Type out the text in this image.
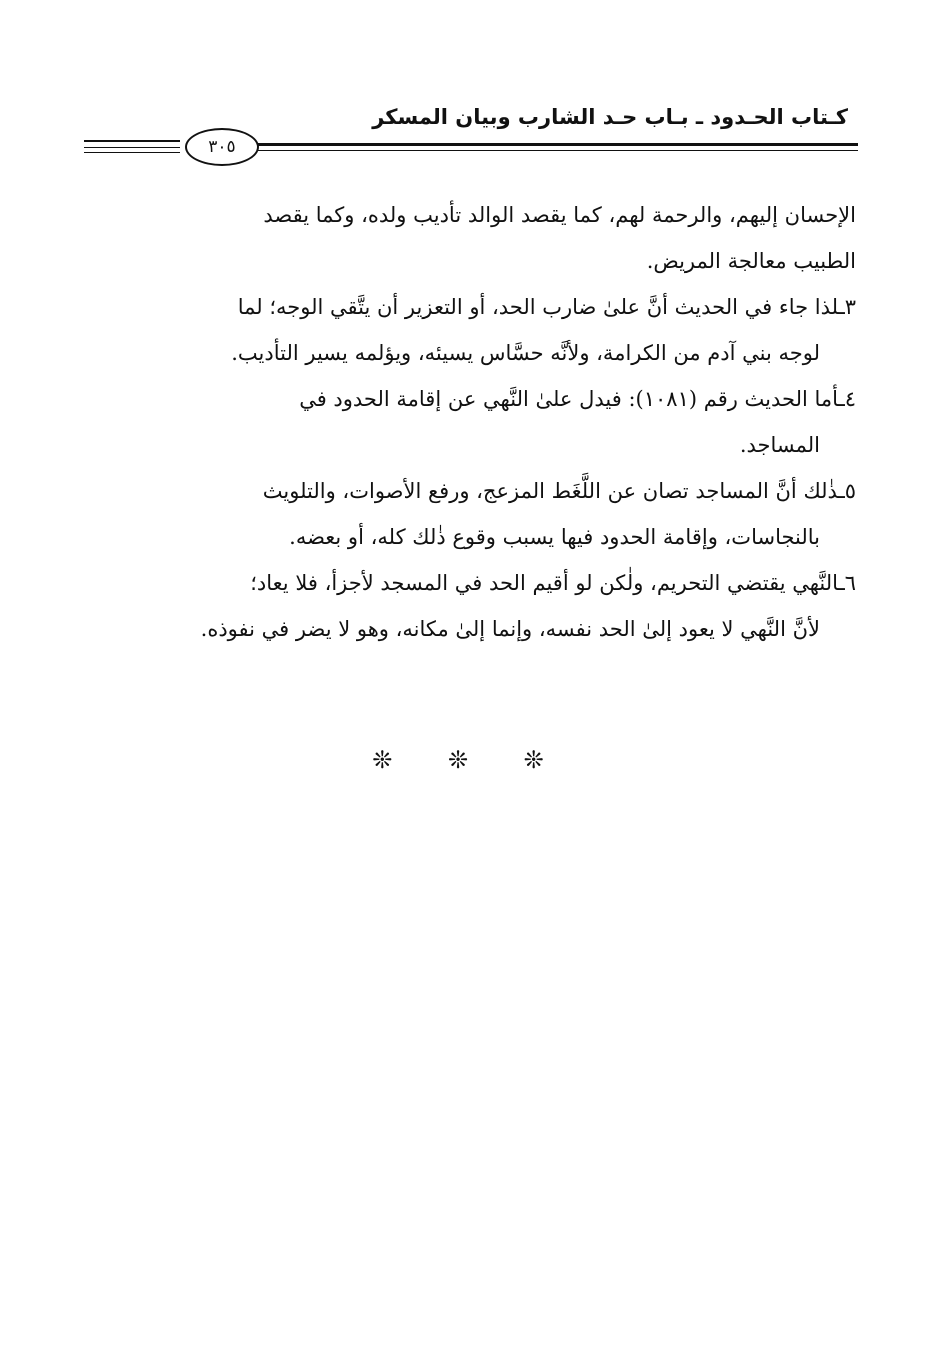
كـتاب الحـدود ـ بـاب حـد الشارب وبيان المسكر
٣٠٥
الإحسان إليهم، والرحمة لهم، كما يقصد الوالد تأديب ولده، وكما يقصد
الطبيب معالجة المريض.
٣ـلذا جاء في الحديث أنَّ علىٰ ضارب الحد، أو التعزير أن يتَّقي الوجه؛ لما
لوجه بني آدم من الكرامة، ولأنَّه حسَّاس يسيئه، ويؤلمه يسير التأديب.
٤ـأما الحديث رقم (١٠٨١): فيدل علىٰ النَّهي عن إقامة الحدود في
المساجد.
٥ـذٰلك أنَّ المساجد تصان عن اللَّغَط المزعج، ورفع الأصوات، والتلويث
بالنجاسات، وإقامة الحدود فيها يسبب وقوع ذٰلك كله، أو بعضه.
٦ـالنَّهي يقتضي التحريم، ولٰكن لو أقيم الحد في المسجد لأجزأ، فلا يعاد؛
لأنَّ النَّهي لا يعود إلىٰ الحد نفسه، وإنما إلىٰ مكانه، وهو لا يضر في نفوذه.
❊ ❊ ❊
